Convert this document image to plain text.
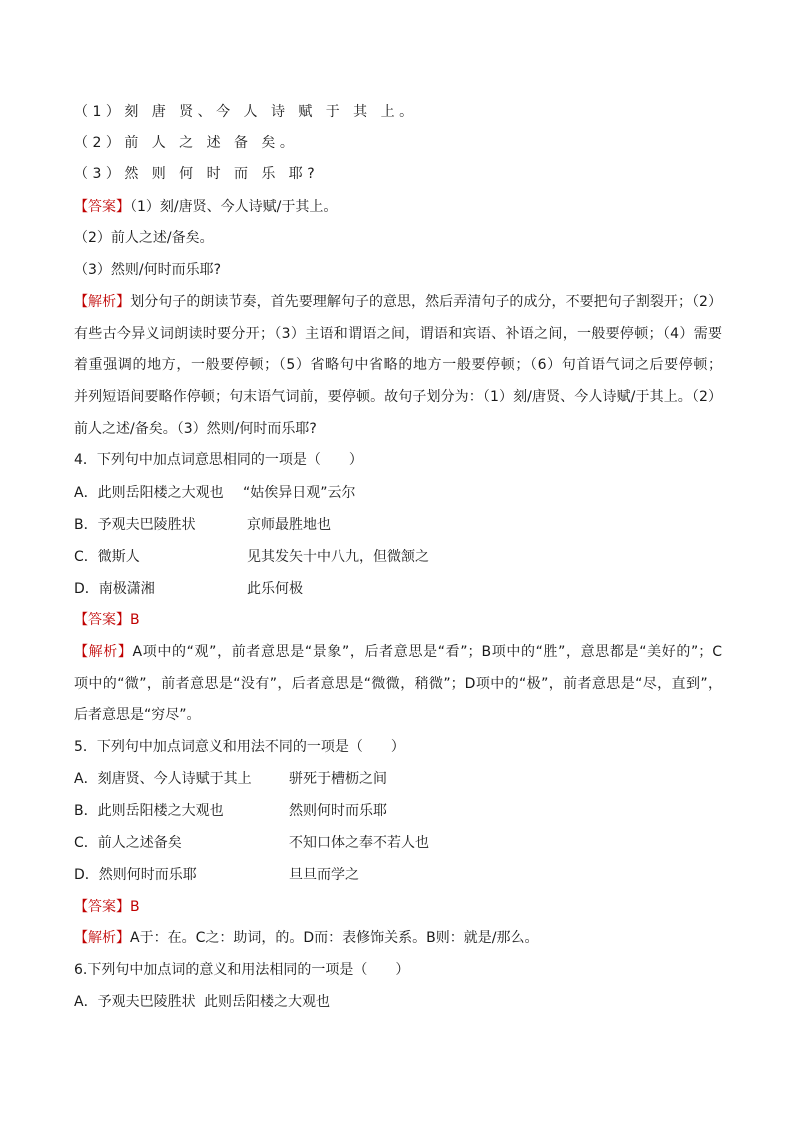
（1）刻 唐 贤、今 人 诗 赋 于 其 上。
（2）前 人 之 述 备 矣。
（3）然 则 何 时 而 乐 耶?
【答案】（1）刻/唐贤、今人诗赋/于其上。
（2）前人之述/备矣。
（3）然则/何时而乐耶?
【解析】划分句子的朗读节奏，首先要理解句子的意思，然后弄清句子的成分，不要把句子割裂开；（2）
有些古今异义词朗读时要分开；（3）主语和谓语之间，谓语和宾语、补语之间，一般要停顿；（4）需要
着重强调的地方，一般要停顿；（5）省略句中省略的地方一般要停顿；（6）句首语气词之后要停顿；
并列短语间要略作停顿；句末语气词前，要停顿。故句子划分为：（1）刻/唐贤、今人诗赋/于其上。（2）
前人之述/备矣。（3）然则/何时而乐耶?
4．下列句中加点词意思相同的一项是（　　）
A．此则岳阳楼之大观也 “姑俟异日观”云尔
B．予观夫巴陵胜状	京师最胜地也
C．微斯人	见其发矢十中八九，但微颔之
D．南极潇湘	此乐何极
【答案】B
【解析】A项中的“观”，前者意思是“景象”，后者意思是“看”；B项中的“胜”，意思都是“美好的”；C
项中的“微”，前者意思是“没有”，后者意思是“微微，稍微”；D项中的“极”，前者意思是“尽，直到”，
后者意思是“穷尽”。
5．下列句中加点词意义和用法不同的一项是（　　）
A．刻唐贤、今人诗赋于其上	骈死于槽枥之间
B．此则岳阳楼之大观也	然则何时而乐耶
C．前人之述备矣	不知口体之奉不若人也
D．然则何时而乐耶	旦旦而学之
【答案】B
【解析】A于：在。C之：助词，的。D而：表修饰关系。B则：就是/那么。
6.下列句中加点词的意义和用法相同的一项是（　　）
A．予观夫巴陵胜状 此则岳阳楼之大观也
